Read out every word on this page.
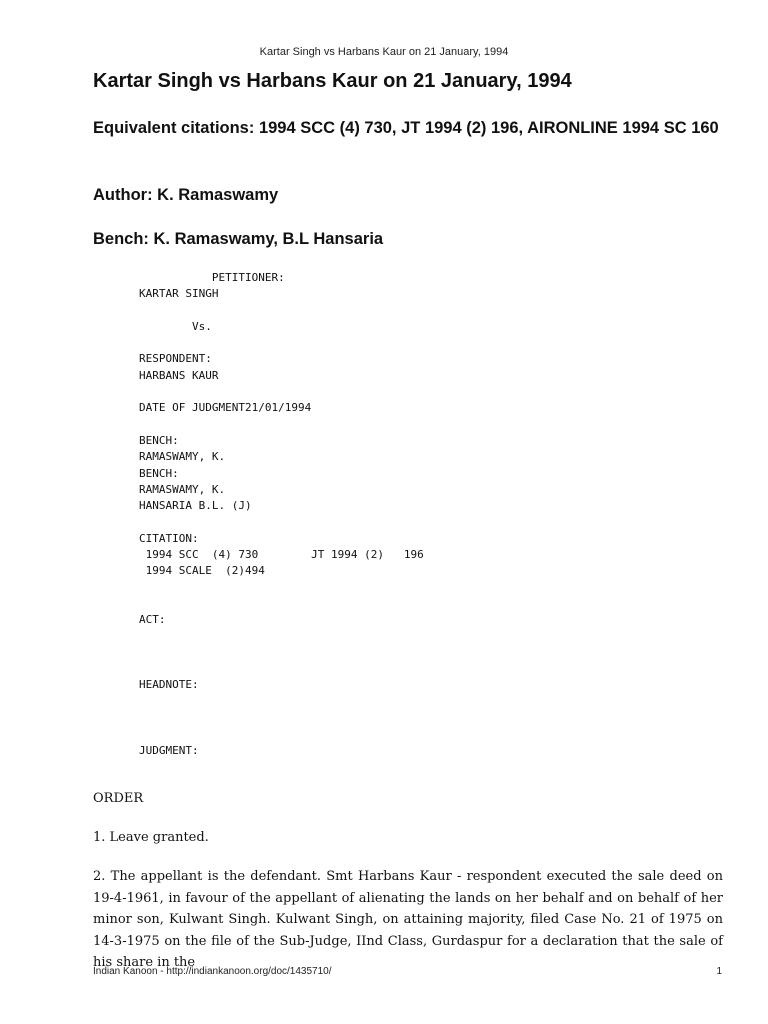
Kartar Singh vs Harbans Kaur on 21 January, 1994
Kartar Singh vs Harbans Kaur on 21 January, 1994
Equivalent citations: 1994 SCC (4) 730, JT 1994 (2) 196, AIRONLINE 1994 SC 160
Author: K. Ramaswamy
Bench: K. Ramaswamy, B.L Hansaria
PETITIONER:
KARTAR SINGH

Vs.

RESPONDENT:
HARBANS KAUR

DATE OF JUDGMENT21/01/1994

BENCH:
RAMASWAMY, K.
BENCH:
RAMASWAMY, K.
HANSARIA B.L. (J)

CITATION:
1994 SCC  (4) 730        JT 1994 (2)   196
1994 SCALE  (2)494

ACT:

HEADNOTE:

JUDGMENT:

ORDER

1. Leave granted.

2. The appellant is the defendant. Smt Harbans Kaur - respondent executed the sale deed on 19-4-1961, in favour of the appellant of alienating the lands on her behalf and on behalf of her minor son, Kulwant Singh. Kulwant Singh, on attaining majority, filed Case No. 21 of 1975 on 14-3-1975 on the file of the Sub-Judge, IInd Class, Gurdaspur for a declaration that the sale of his share in the

Indian Kanoon - http://indiankanoon.org/doc/1435710/	1
